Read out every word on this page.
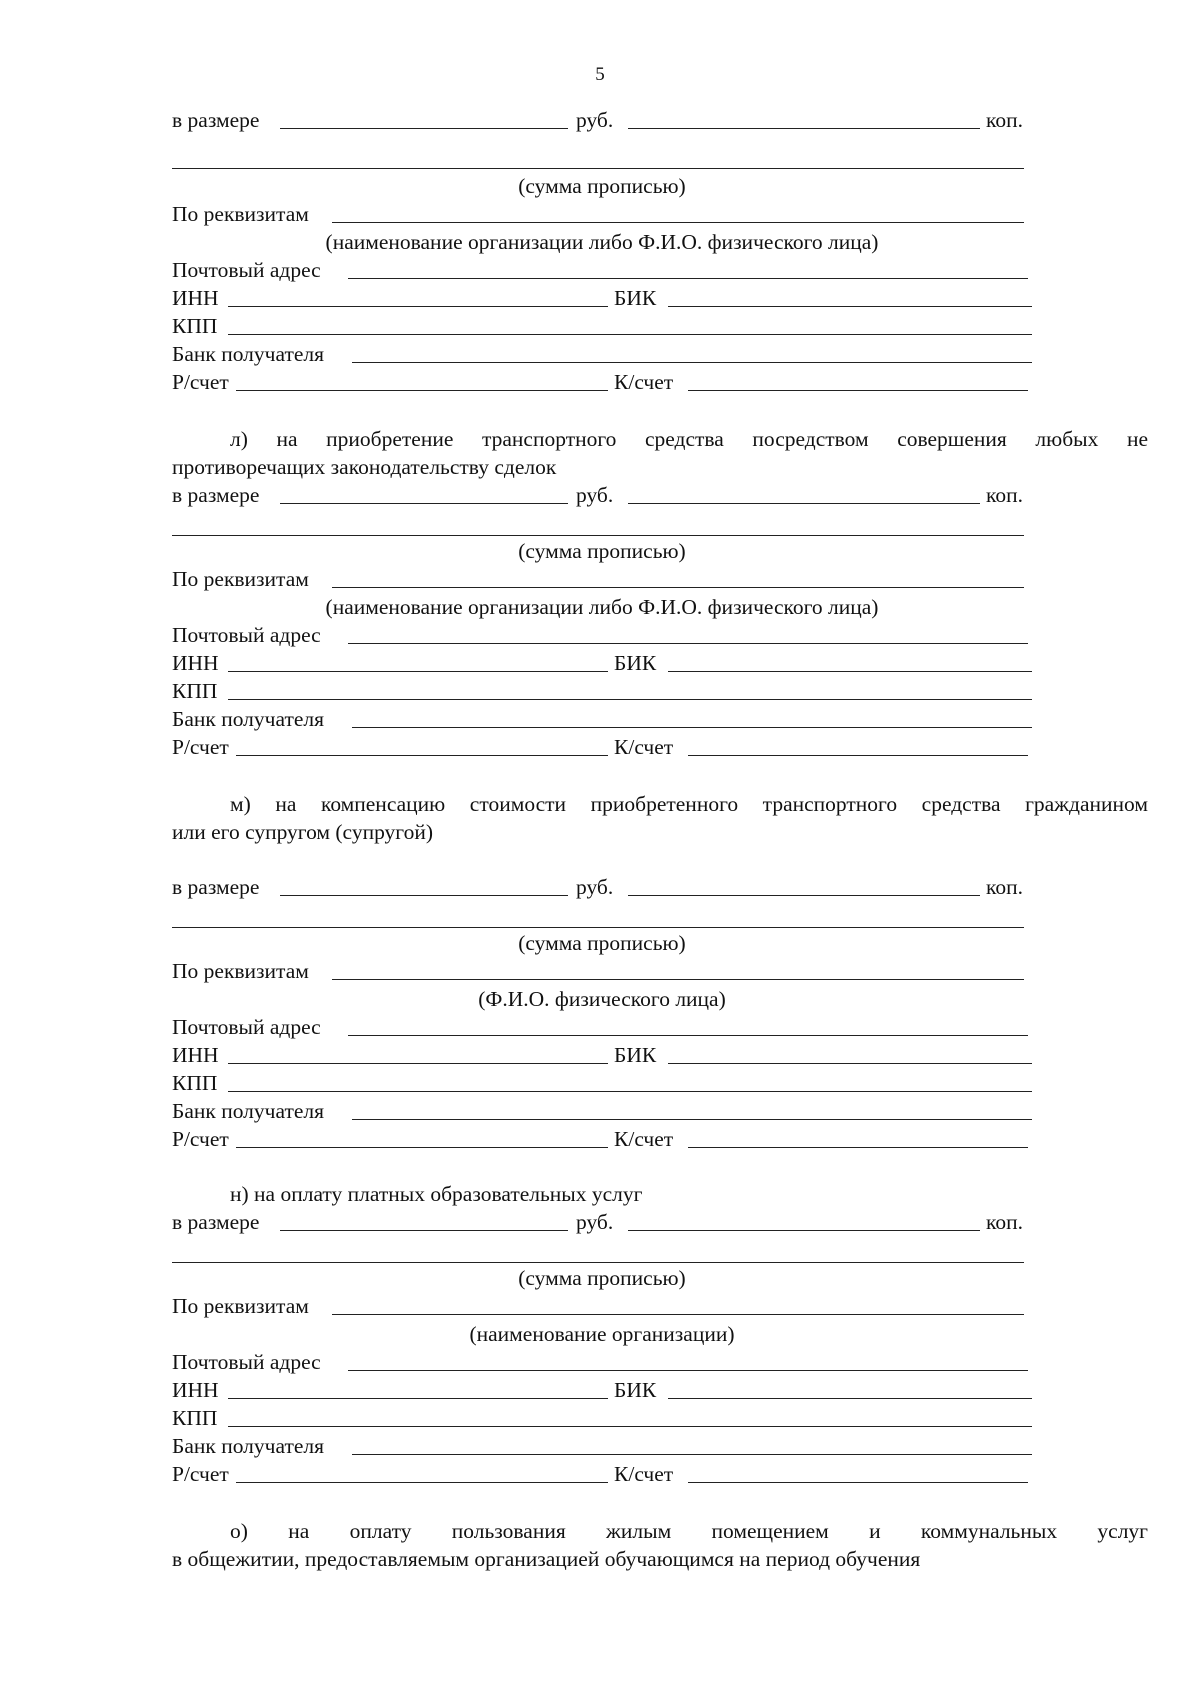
5
в размере	руб.	коп.
(сумма прописью)
По реквизитам
(наименование организации либо Ф.И.О. физического лица)
Почтовый адрес
ИНН	БИК
КПП
Банк получателя
Р/счет	К/счет
л) на приобретение транспортного средства посредством совершения любых не
противоречащих законодательству сделок
в размере	руб.	коп.
(сумма прописью)
По реквизитам
(наименование организации либо Ф.И.О. физического лица)
Почтовый адрес
ИНН	БИК
КПП
Банк получателя
Р/счет	К/счет
м) на компенсацию стоимости приобретенного транспортного средства гражданином
или его супругом (супругой)
в размере	руб.	коп.
(сумма прописью)
По реквизитам
(Ф.И.О. физического лица)
Почтовый адрес
ИНН	БИК
КПП
Банк получателя
Р/счет	К/счет
н) на оплату платных образовательных услуг
в размере	руб.	коп.
(сумма прописью)
По реквизитам
(наименование организации)
Почтовый адрес
ИНН	БИК
КПП
Банк получателя
Р/счет	К/счет
о) на оплату пользования жилым помещением и коммунальных услуг
в общежитии, предоставляемым организацией обучающимся на период обучения
